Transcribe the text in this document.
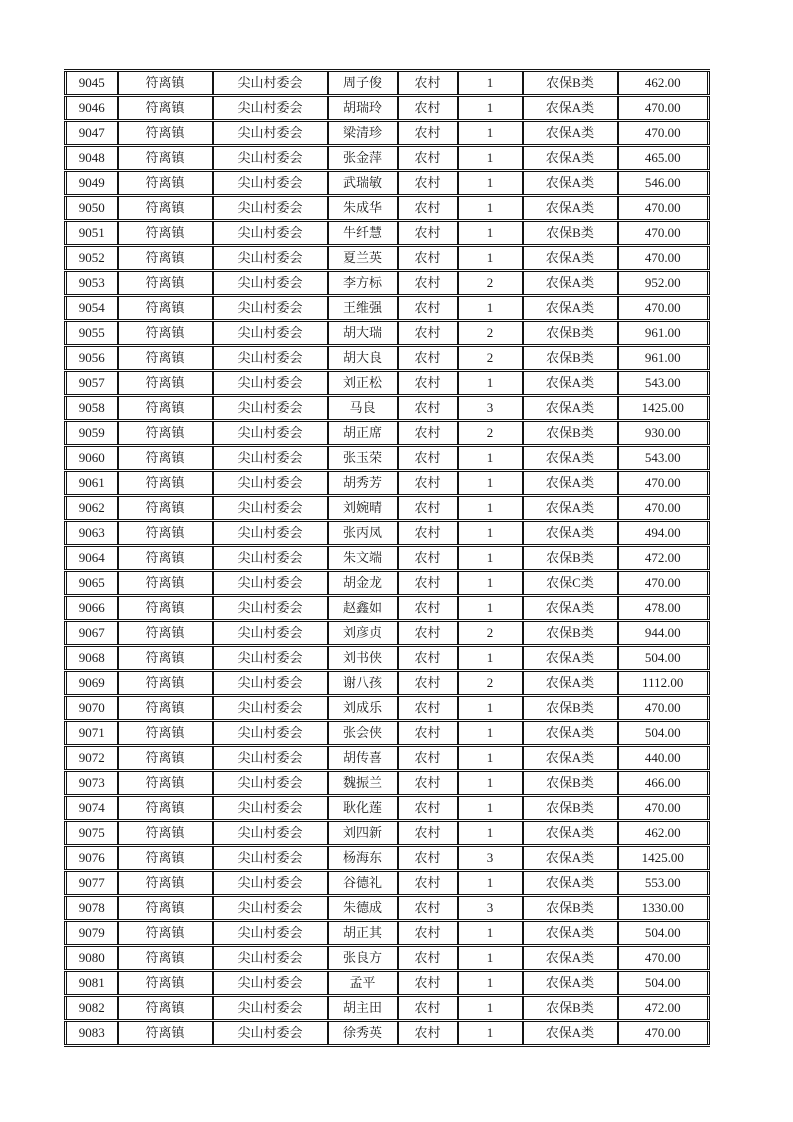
9045	符离镇	尖山村委会	周子俊	农村	1	农保B类	462.00
9046	符离镇	尖山村委会	胡瑞玲	农村	1	农保A类	470.00
9047	符离镇	尖山村委会	梁清珍	农村	1	农保A类	470.00
9048	符离镇	尖山村委会	张金萍	农村	1	农保A类	465.00
9049	符离镇	尖山村委会	武瑞敏	农村	1	农保A类	546.00
9050	符离镇	尖山村委会	朱成华	农村	1	农保A类	470.00
9051	符离镇	尖山村委会	牛纤慧	农村	1	农保B类	470.00
9052	符离镇	尖山村委会	夏兰英	农村	1	农保A类	470.00
9053	符离镇	尖山村委会	李方标	农村	2	农保A类	952.00
9054	符离镇	尖山村委会	王维强	农村	1	农保A类	470.00
9055	符离镇	尖山村委会	胡大瑞	农村	2	农保B类	961.00
9056	符离镇	尖山村委会	胡大良	农村	2	农保B类	961.00
9057	符离镇	尖山村委会	刘正松	农村	1	农保A类	543.00
9058	符离镇	尖山村委会	马良	农村	3	农保A类	1425.00
9059	符离镇	尖山村委会	胡正席	农村	2	农保B类	930.00
9060	符离镇	尖山村委会	张玉荣	农村	1	农保A类	543.00
9061	符离镇	尖山村委会	胡秀芳	农村	1	农保A类	470.00
9062	符离镇	尖山村委会	刘婉晴	农村	1	农保A类	470.00
9063	符离镇	尖山村委会	张丙凤	农村	1	农保A类	494.00
9064	符离镇	尖山村委会	朱文端	农村	1	农保B类	472.00
9065	符离镇	尖山村委会	胡金龙	农村	1	农保C类	470.00
9066	符离镇	尖山村委会	赵鑫如	农村	1	农保A类	478.00
9067	符离镇	尖山村委会	刘彦贞	农村	2	农保B类	944.00
9068	符离镇	尖山村委会	刘书侠	农村	1	农保A类	504.00
9069	符离镇	尖山村委会	谢八孩	农村	2	农保A类	1112.00
9070	符离镇	尖山村委会	刘成乐	农村	1	农保B类	470.00
9071	符离镇	尖山村委会	张会侠	农村	1	农保A类	504.00
9072	符离镇	尖山村委会	胡传喜	农村	1	农保A类	440.00
9073	符离镇	尖山村委会	魏振兰	农村	1	农保B类	466.00
9074	符离镇	尖山村委会	耿化莲	农村	1	农保B类	470.00
9075	符离镇	尖山村委会	刘四新	农村	1	农保A类	462.00
9076	符离镇	尖山村委会	杨海东	农村	3	农保A类	1425.00
9077	符离镇	尖山村委会	谷德礼	农村	1	农保A类	553.00
9078	符离镇	尖山村委会	朱德成	农村	3	农保B类	1330.00
9079	符离镇	尖山村委会	胡正其	农村	1	农保A类	504.00
9080	符离镇	尖山村委会	张良方	农村	1	农保A类	470.00
9081	符离镇	尖山村委会	孟平	农村	1	农保A类	504.00
9082	符离镇	尖山村委会	胡主田	农村	1	农保B类	472.00
9083	符离镇	尖山村委会	徐秀英	农村	1	农保A类	470.00
